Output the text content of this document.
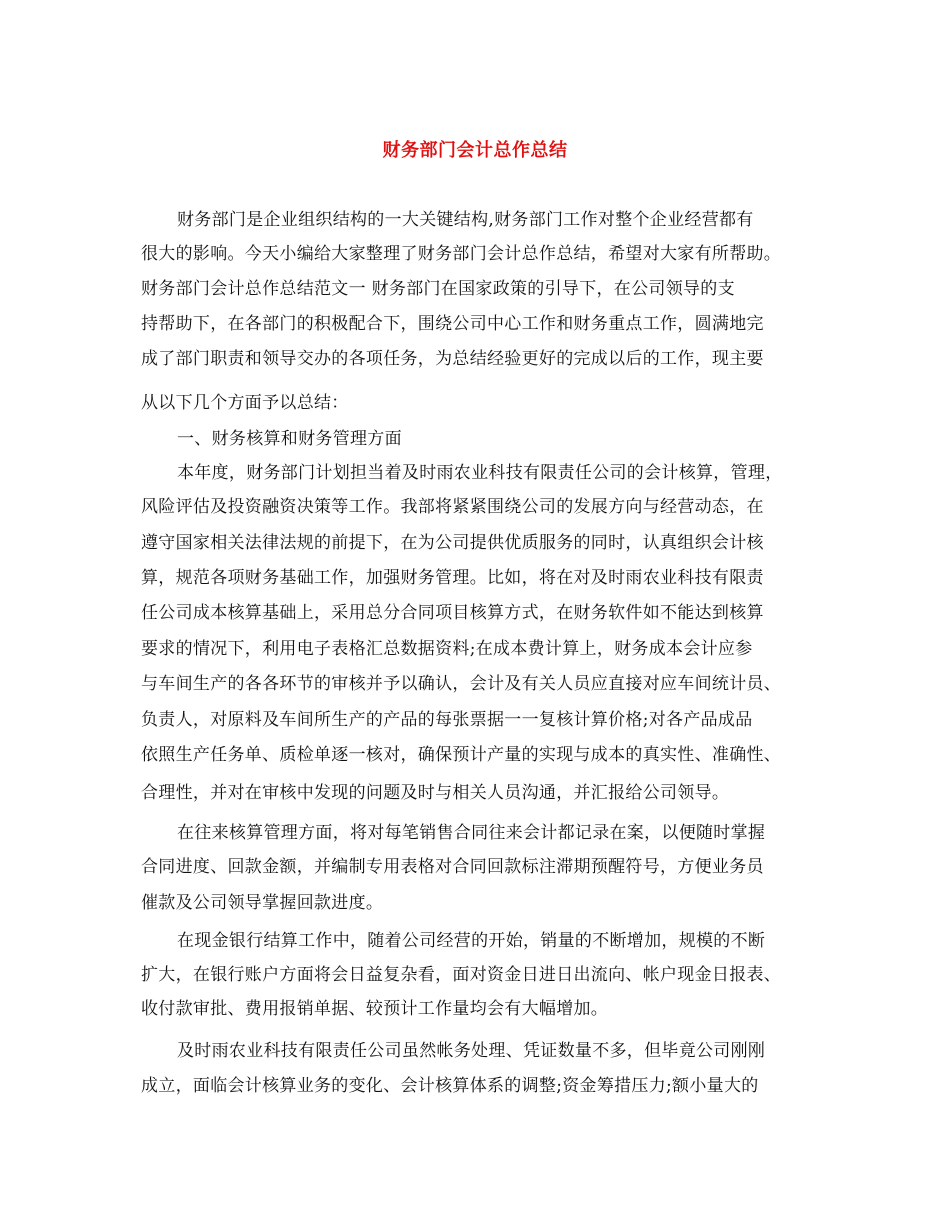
财务部门会计总作总结
财务部门是企业组织结构的一大关键结构,财务部门工作对整个企业经营都有
很大的影响。今天小编给大家整理了财务部门会计总作总结，希望对大家有所帮助。
财务部门会计总作总结范文一 财务部门在国家政策的引导下，在公司领导的支
持帮助下，在各部门的积极配合下，围绕公司中心工作和财务重点工作，圆满地完
成了部门职责和领导交办的各项任务，为总结经验更好的完成以后的工作，现主要
从以下几个方面予以总结：
一、财务核算和财务管理方面
本年度，财务部门计划担当着及时雨农业科技有限责任公司的会计核算，管理，
风险评估及投资融资决策等工作。我部将紧紧围绕公司的发展方向与经营动态，在
遵守国家相关法律法规的前提下，在为公司提供优质服务的同时，认真组织会计核
算，规范各项财务基础工作，加强财务管理。比如，将在对及时雨农业科技有限责
任公司成本核算基础上，采用总分合同项目核算方式，在财务软件如不能达到核算
要求的情况下，利用电子表格汇总数据资料;在成本费计算上，财务成本会计应参
与车间生产的各各环节的审核并予以确认，会计及有关人员应直接对应车间统计员、
负责人，对原料及车间所生产的产品的每张票据一一复核计算价格;对各产品成品
依照生产任务单、质检单逐一核对，确保预计产量的实现与成本的真实性、准确性、
合理性，并对在审核中发现的问题及时与相关人员沟通，并汇报给公司领导。
在往来核算管理方面，将对每笔销售合同往来会计都记录在案，以便随时掌握
合同进度、回款金额，并编制专用表格对合同回款标注滞期预醒符号，方便业务员
催款及公司领导掌握回款进度。
在现金银行结算工作中，随着公司经营的开始，销量的不断增加，规模的不断
扩大，在银行账户方面将会日益复杂看，面对资金日进日出流向、帐户现金日报表、
收付款审批、费用报销单据、较预计工作量均会有大幅增加。
及时雨农业科技有限责任公司虽然帐务处理、凭证数量不多，但毕竟公司刚刚
成立，面临会计核算业务的变化、会计核算体系的调整;资金筹措压力;额小量大的
